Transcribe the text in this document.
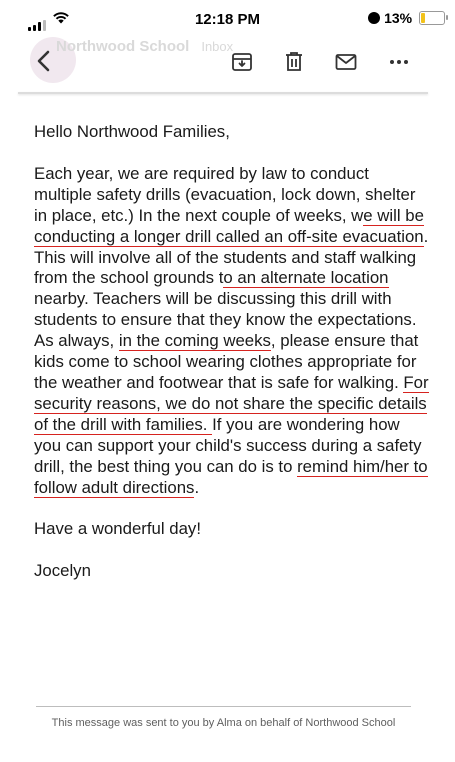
12:18 PM	13%
Northwood School Inbox

Hello Northwood Families,

Each year, we are required by law to conduct multiple safety drills (evacuation, lock down, shelter in place, etc.) In the next couple of weeks, we will be conducting a longer drill called an off-site evacuation. This will involve all of the students and staff walking from the school grounds to an alternate location nearby. Teachers will be discussing this drill with students to ensure that they know the expectations. As always, in the coming weeks, please ensure that kids come to school wearing clothes appropriate for the weather and footwear that is safe for walking. For security reasons, we do not share the specific details of the drill with families. If you are wondering how you can support your child's success during a safety drill, the best thing you can do is to remind him/her to follow adult directions.

Have a wonderful day!

Jocelyn

This message was sent to you by Alma on behalf of Northwood School
